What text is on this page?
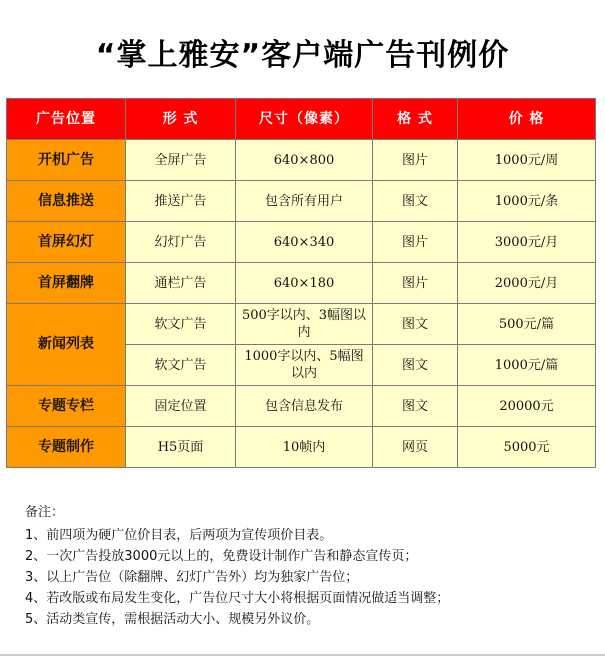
“掌上雅安”客户端广告刊例价
广告位置	形 式	尺寸（像素）	格 式	价 格
开机广告	全屏广告	640×800	图片	1000元/周
信息推送	推送广告	包含所有用户	图文	1000元/条
首屏幻灯	幻灯广告	640×340	图片	3000元/月
首屏翻牌	通栏广告	640×180	图片	2000元/月
新闻列表	软文广告	500字以内、3幅图以内	图文	500元/篇
	软文广告	1000字以内、5幅图以内	图文	1000元/篇
专题专栏	固定位置	包含信息发布	图文	20000元
专题制作	H5页面	10帧内	网页	5000元
备注：
1、前四项为硬广位价目表，后两项为宣传项价目表。
2、一次广告投放3000元以上的，免费设计制作广告和静态宣传页；
3、以上广告位（除翻牌、幻灯广告外）均为独家广告位；
4、若改版或布局发生变化，广告位尺寸大小将根据页面情况做适当调整；
5、活动类宣传，需根据活动大小、规模另外议价。
